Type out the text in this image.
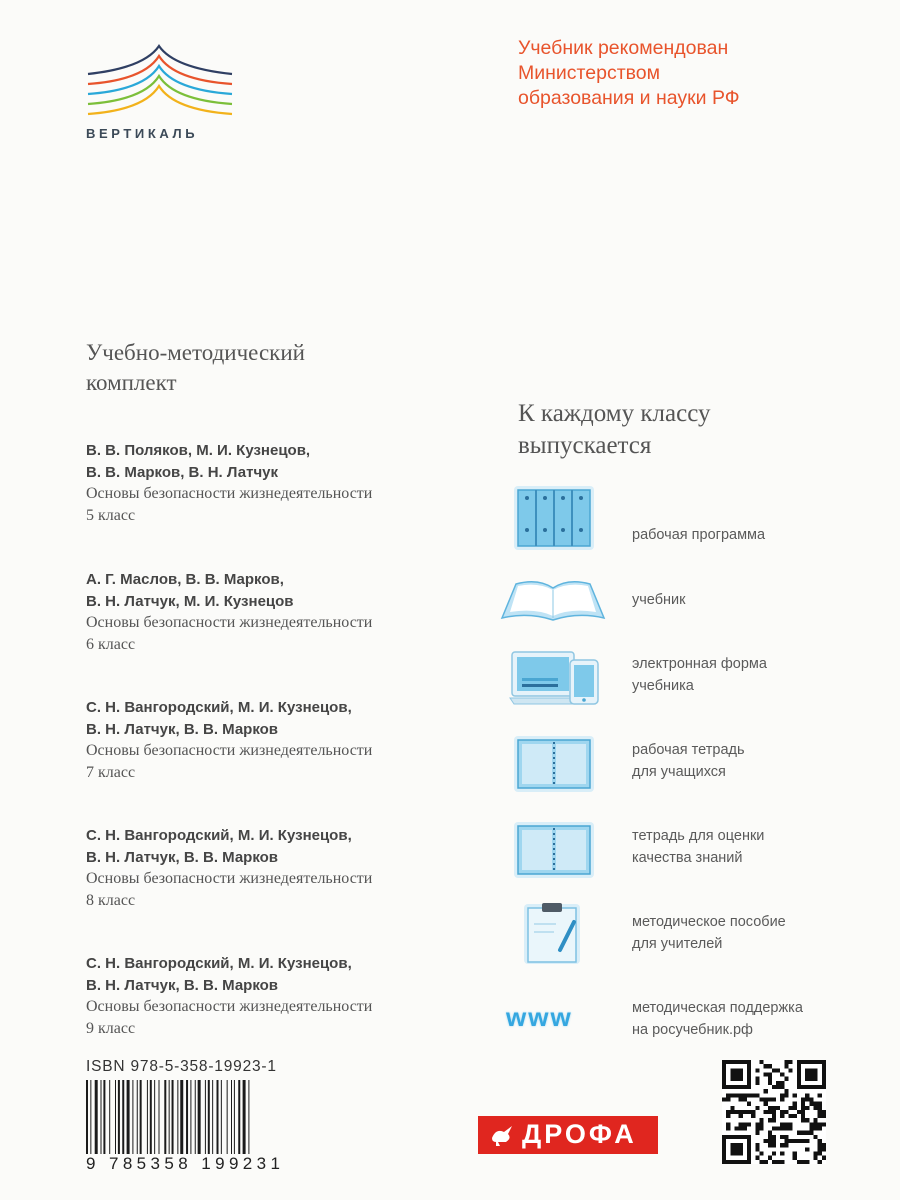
ВЕРТИКАЛЬ
Учебник рекомендован
Министерством
образования и науки РФ
Учебно-методический
комплект
В. В. Поляков, М. И. Кузнецов,
В. В. Марков, В. Н. Латчук
Основы безопасности жизнедеятельности
5 класс
А. Г. Маслов, В. В. Марков,
В. Н. Латчук, М. И. Кузнецов
Основы безопасности жизнедеятельности
6 класс
С. Н. Вангородский, М. И. Кузнецов,
В. Н. Латчук, В. В. Марков
Основы безопасности жизнедеятельности
7 класс
С. Н. Вангородский, М. И. Кузнецов,
В. Н. Латчук, В. В. Марков
Основы безопасности жизнедеятельности
8 класс
С. Н. Вангородский, М. И. Кузнецов,
В. Н. Латчук, В. В. Марков
Основы безопасности жизнедеятельности
9 класс
К каждому классу
выпускается
www
рабочая программа
учебник
электронная форма
учебника
рабочая тетрадь
для учащихся
тетрадь для оценки
качества знаний
методическое пособие
для учителей
методическая поддержка
на росучебник.рф
ISBN 978-5-358-19923-1
9 785358 199231
ДРОФА
